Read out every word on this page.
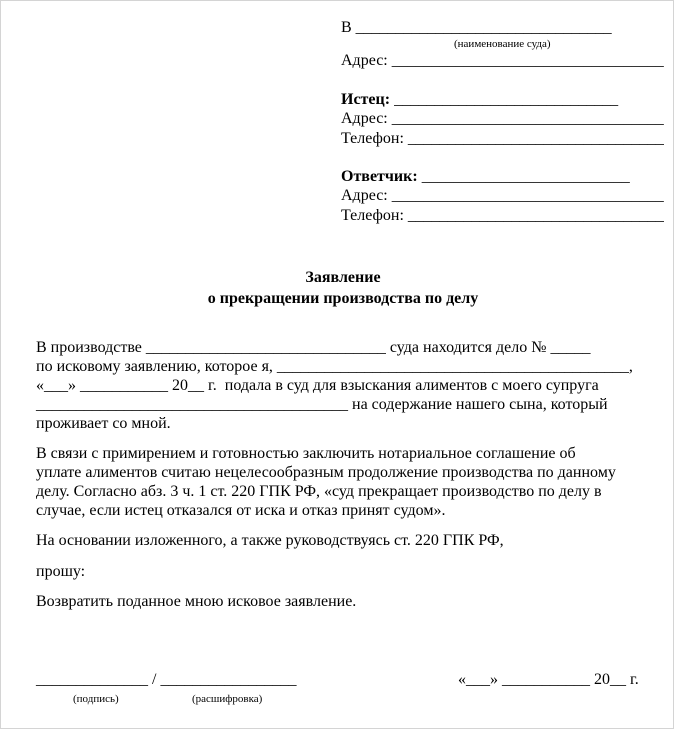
В ________________________________
(наименование суда)
Адрес: __________________________________
Истец: ____________________________
Адрес: __________________________________
Телефон: ________________________________
Ответчик: __________________________
Адрес: __________________________________
Телефон: ________________________________
Заявление
о прекращении производства по делу
В производстве ______________________________ суда находится дело № _____
по исковому заявлению, которое я, ____________________________________________,
«___» ___________ 20__ г.  подала в суд для взыскания алиментов с моего супруга
_______________________________________ на содержание нашего сына, который
проживает со мной.
В связи с примирением и готовностью заключить нотариальное соглашение об
уплате алиментов считаю нецелесообразным продолжение производства по данному
делу. Согласно абз. 3 ч. 1 ст. 220 ГПК РФ, «суд прекращает производство по делу в
случае, если истец отказался от иска и отказ принят судом».
На основании изложенного, а также руководствуясь ст. 220 ГПК РФ,
прошу:
Возвратить поданное мною исковое заявление.
______________ / _________________
(подпись)	(расшифровка)
«___» ___________ 20__ г.
